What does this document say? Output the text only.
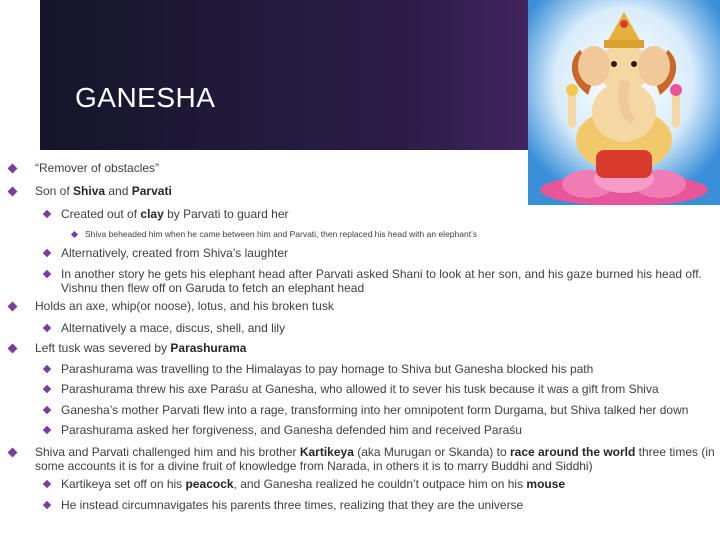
GANESHA
“Remover of obstacles”
Son of Shiva and Parvati
Created out of clay by Parvati to guard her
Shiva beheaded him when he came between him and Parvati, then replaced his head with an elephant’s
Alternatively, created from Shiva’s laughter
In another story he gets his elephant head after Parvati asked Shani to look at her son, and his gaze burned his head off. Vishnu then flew off on Garuda to fetch an elephant head
Holds an axe, whip(or noose), lotus, and his broken tusk
Alternatively a mace, discus, shell, and lily
Left tusk was severed by Parashurama
Parashurama was travelling to the Himalayas to pay homage to Shiva but Ganesha blocked his path
Parashurama threw his axe Paraśu at Ganesha, who allowed it to sever his tusk because it was a gift from Shiva
Ganesha’s mother Parvati flew into a rage, transforming into her omnipotent form Durgama, but Shiva talked her down
Parashurama asked her forgiveness, and Ganesha defended him and received Paraśu
Shiva and Parvati challenged him and his brother Kartikeya (aka Murugan or Skanda) to race around the world three times (in some accounts it is for a divine fruit of knowledge from Narada, in others it is to marry Buddhi and Siddhi)
Kartikeya set off on his peacock, and Ganesha realized he couldn’t outpace him on his mouse
He instead circumnavigates his parents three times, realizing that they are the universe
